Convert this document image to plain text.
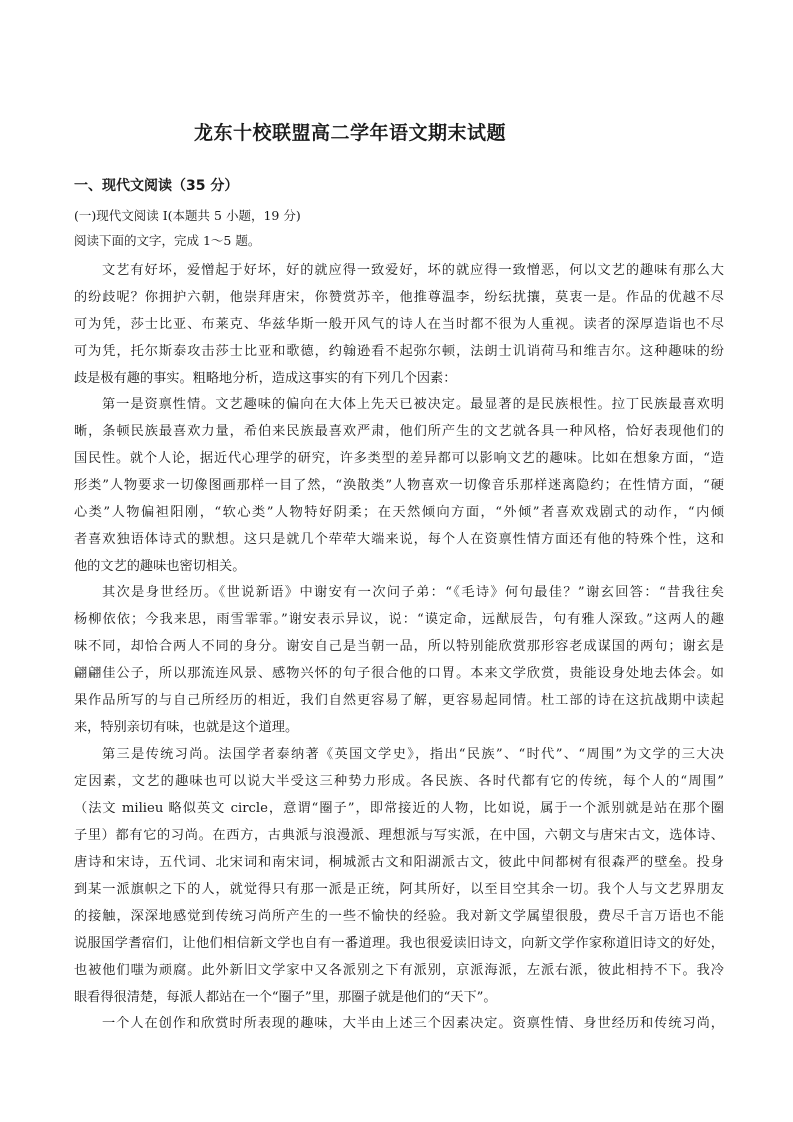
龙东十校联盟高二学年语文期末试题
一、现代文阅读（35 分）
(一)现代文阅读 I(本题共 5 小题，19 分)
阅读下面的文字，完成 1～5 题。
文艺有好坏，爱憎起于好坏，好的就应得一致爱好，坏的就应得一致憎恶，何以文艺的趣味有那么大
的纷歧呢？你拥护六朝，他崇拜唐宋，你赞赏苏辛，他推尊温李，纷纭扰攘，莫衷一是。作品的优越不尽
可为凭，莎士比亚、布莱克、华兹华斯一般开风气的诗人在当时都不很为人重视。读者的深厚造诣也不尽
可为凭，托尔斯泰攻击莎士比亚和歌德，约翰逊看不起弥尔顿，法朗士讥诮荷马和维吉尔。这种趣味的纷
歧是极有趣的事实。粗略地分析，造成这事实的有下列几个因素：
第一是资禀性情。文艺趣味的偏向在大体上先天已被决定。最显著的是民族根性。拉丁民族最喜欢明
晰，条顿民族最喜欢力量，希伯来民族最喜欢严肃，他们所产生的文艺就各具一种风格，恰好表现他们的
国民性。就个人论，据近代心理学的研究，许多类型的差异都可以影响文艺的趣味。比如在想象方面，“造
形类”人物要求一切像图画那样一目了然，“涣散类”人物喜欢一切像音乐那样迷离隐约；在性情方面，“硬
心类”人物偏袒阳刚，“软心类”人物特好阴柔；在天然倾向方面，“外倾”者喜欢戏剧式的动作，“内倾
者喜欢独语体诗式的默想。这只是就几个荦荦大端来说，每个人在资禀性情方面还有他的特殊个性，这和
他的文艺的趣味也密切相关。
其次是身世经历。《世说新语》中谢安有一次问子弟：“《毛诗》何句最佳？”谢玄回答：“昔我往矣
杨柳依依；今我来思，雨雪霏霏。”谢安表示异议，说：“谟定命，远猷辰告，句有雅人深致。”这两人的趣
味不同，却恰合两人不同的身分。谢安自己是当朝一品，所以特别能欣赏那形容老成谋国的两句；谢玄是
翩翩佳公子，所以那流连风景、感物兴怀的句子很合他的口胃。本来文学欣赏，贵能设身处地去体会。如
果作品所写的与自己所经历的相近，我们自然更容易了解，更容易起同情。杜工部的诗在这抗战期中读起
来，特别亲切有味，也就是这个道理。
第三是传统习尚。法国学者泰纳著《英国文学史》，指出“民族”、“时代”、“周围”为文学的三大决
定因素，文艺的趣味也可以说大半受这三种势力形成。各民族、各时代都有它的传统，每个人的“周围”
（法文 milieu 略似英文 circle，意谓“圈子”，即常接近的人物，比如说，属于一个派别就是站在那个圈
子里）都有它的习尚。在西方，古典派与浪漫派、理想派与写实派，在中国，六朝文与唐宋古文，选体诗、
唐诗和宋诗，五代词、北宋词和南宋词，桐城派古文和阳湖派古文，彼此中间都树有很森严的壁垒。投身
到某一派旗帜之下的人，就觉得只有那一派是正统，阿其所好，以至目空其余一切。我个人与文艺界朋友
的接触，深深地感觉到传统习尚所产生的一些不愉快的经验。我对新文学属望很殷，费尽千言万语也不能
说服国学耆宿们，让他们相信新文学也自有一番道理。我也很爱读旧诗文，向新文学作家称道旧诗文的好处，
也被他们嗤为顽腐。此外新旧文学家中又各派别之下有派别，京派海派，左派右派，彼此相持不下。我冷
眼看得很清楚，每派人都站在一个“圈子”里，那圈子就是他们的“天下”。
一个人在创作和欣赏时所表现的趣味，大半由上述三个因素决定。资禀性情、身世经历和传统习尚，
